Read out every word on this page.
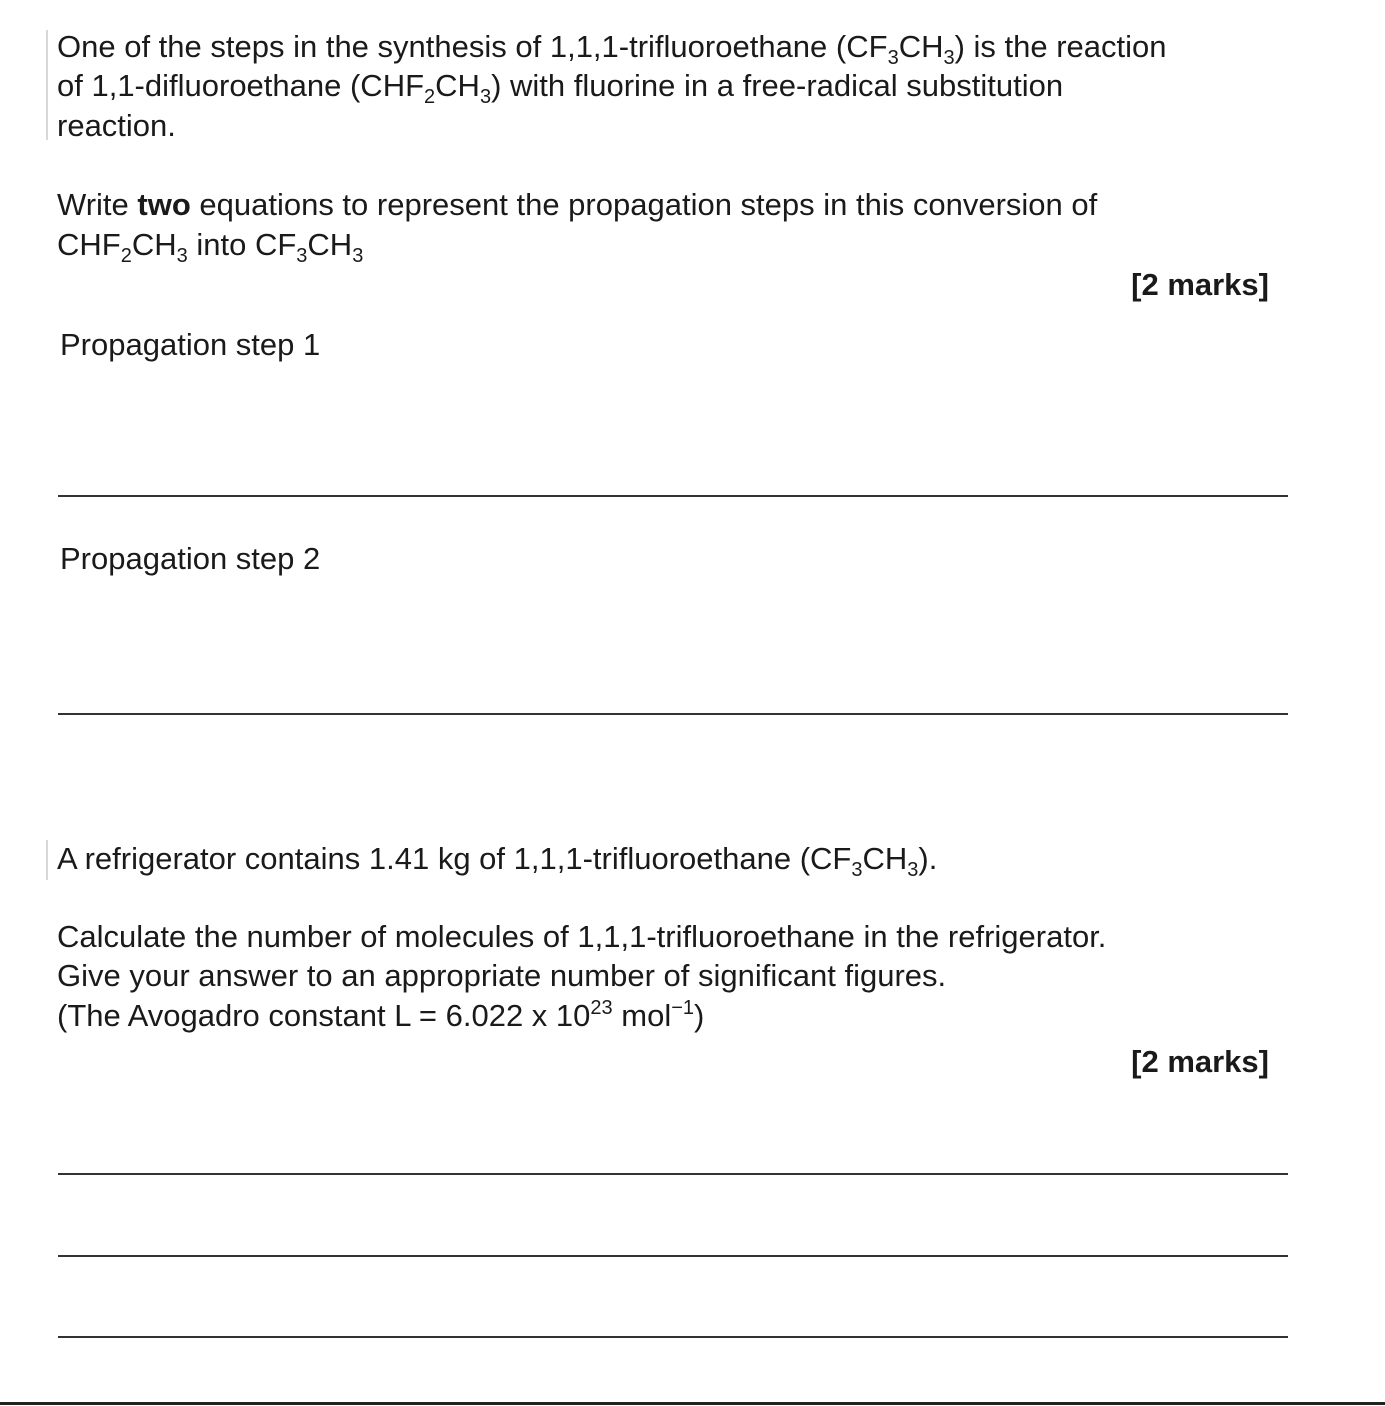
One of the steps in the synthesis of 1,1,1-trifluoroethane $(CF_3CH_3)$ is the reaction

of 1,1-difluoroethane $(CHF_2CH_3)$ with fluorine in a free-radical substitution

reaction.

Write two equations to represent the propagation steps in this conversion of

$CHF_2CH_3$ into $CF_3CH_3$

[2 marks]
Propagation step 1
Propagation step 2

A refrigerator contains 1.41 kg of 1,1,1-trifluoroethane $(CF_3CH_3)$.

Calculate the number of molecules of 1,1,1-trifluoroethane in the refrigerator.

Give your answer to an appropriate number of significant figures.

(The Avogadro constant L = 6.022 x $10^{23}$ mol$^{-1}$)

[2 marks]
